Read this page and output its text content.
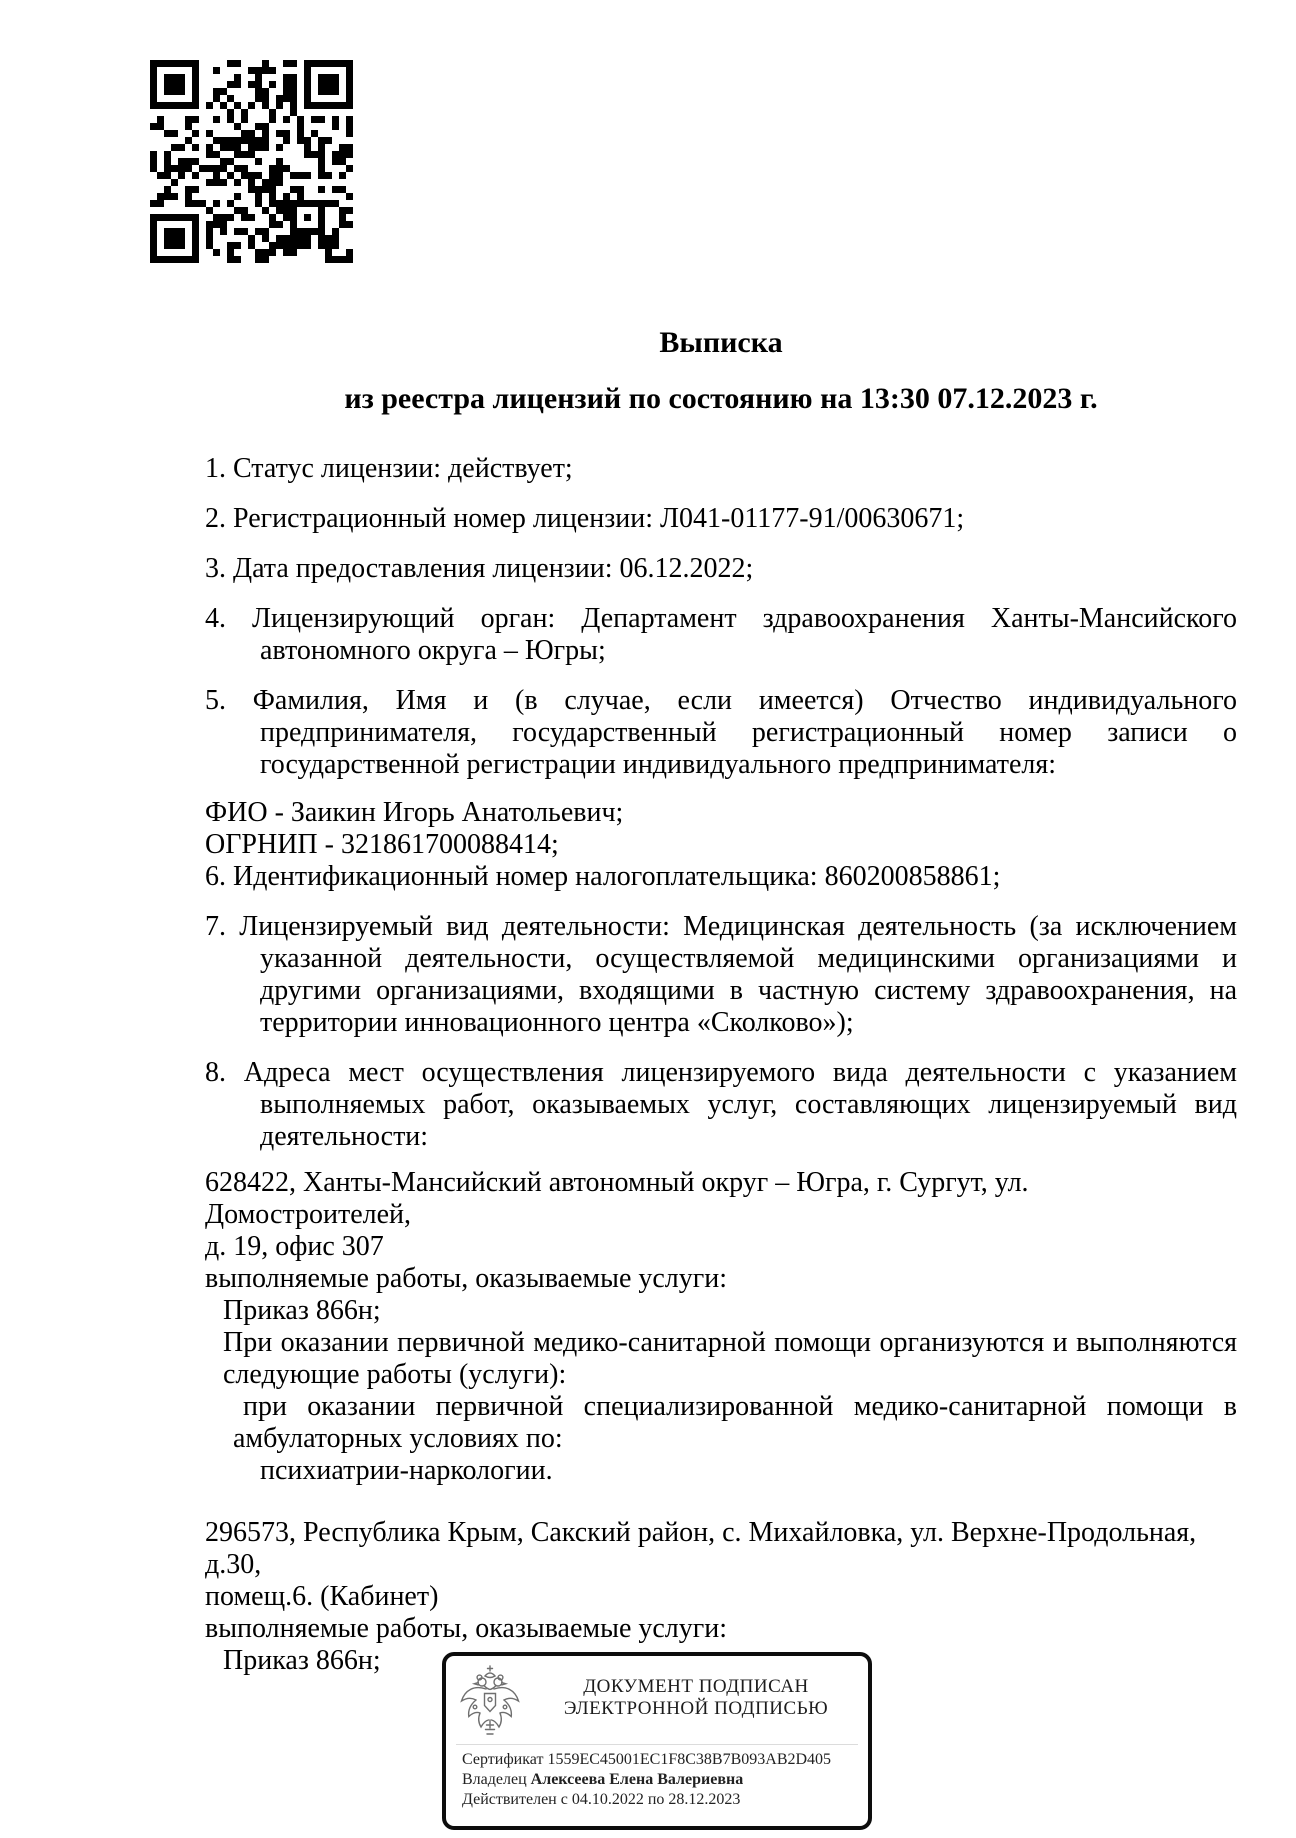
Выписка
из реестра лицензий по состоянию на 13:30 07.12.2023 г.

1. Статус лицензии: действует;

2. Регистрационный номер лицензии: Л041-01177-91/00630671;

3. Дата предоставления лицензии: 06.12.2022;

4. Лицензирующий орган: Департамент здравоохранения Ханты-Мансийского автономного округа – Югры;

5. Фамилия, Имя и (в случае, если имеется) Отчество индивидуального предпринимателя, государственный регистрационный номер записи о государственной регистрации индивидуального предпринимателя:

ФИО - Заикин Игорь Анатольевич;

ОГРНИП - 321861700088414;

6. Идентификационный номер налогоплательщика: 860200858861;

7. Лицензируемый вид деятельности: Медицинская деятельность (за исключением указанной деятельности, осуществляемой медицинскими организациями и другими организациями, входящими в частную систему здравоохранения, на территории инновационного центра «Сколково»);

8. Адреса мест осуществления лицензируемого вида деятельности с указанием выполняемых работ, оказываемых услуг, составляющих лицензируемый вид деятельности:

628422, Ханты-Мансийский автономный округ – Югра, г. Сургут, ул. Домостроителей,

д. 19, офис 307

выполняемые работы, оказываемые услуги:

Приказ 866н;

При оказании первичной медико-санитарной помощи организуются и выполняются следующие работы (услуги):

при оказании первичной специализированной медико-санитарной помощи в амбулаторных условиях по:

психиатрии-наркологии.

296573, Республика Крым, Сакский район, с. Михайловка, ул. Верхне-Продольная, д.30,

помещ.6. (Кабинет)

выполняемые работы, оказываемые услуги:

Приказ 866н;

ДОКУМЕНТ ПОДПИСАН
ЭЛЕКТРОННОЙ ПОДПИСЬЮ
Сертификат 1559EC45001EC1F8C38B7B093AB2D405
Владелец Алексеева Елена Валериевна
Действителен с 04.10.2022 по 28.12.2023
